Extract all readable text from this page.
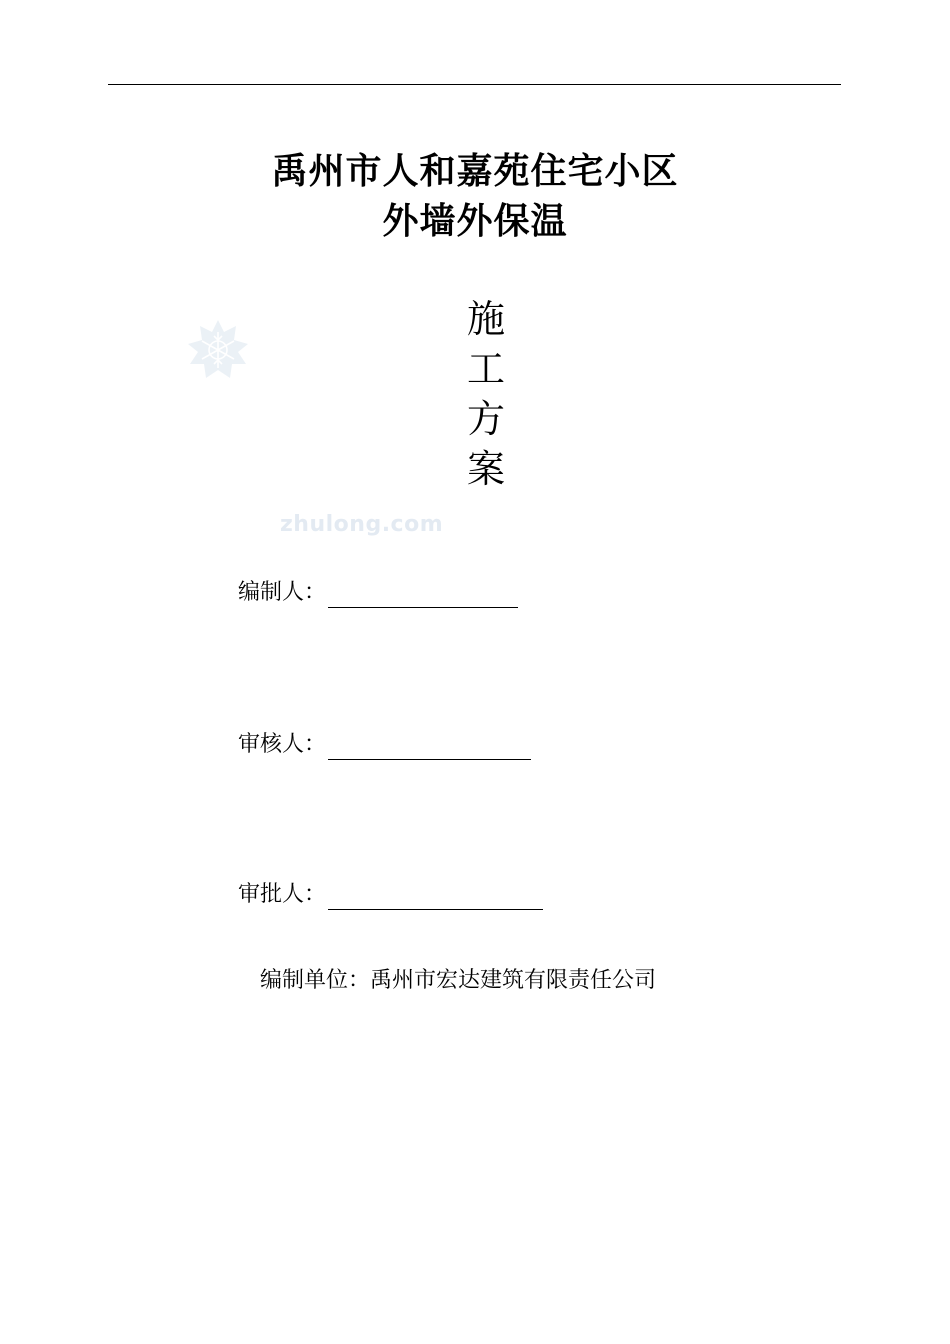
禹州市人和嘉苑住宅小区
外墙外保温
施
工
方
案
zhulong.com
编制人：
审核人：
审批人：
编制单位：禹州市宏达建筑有限责任公司
